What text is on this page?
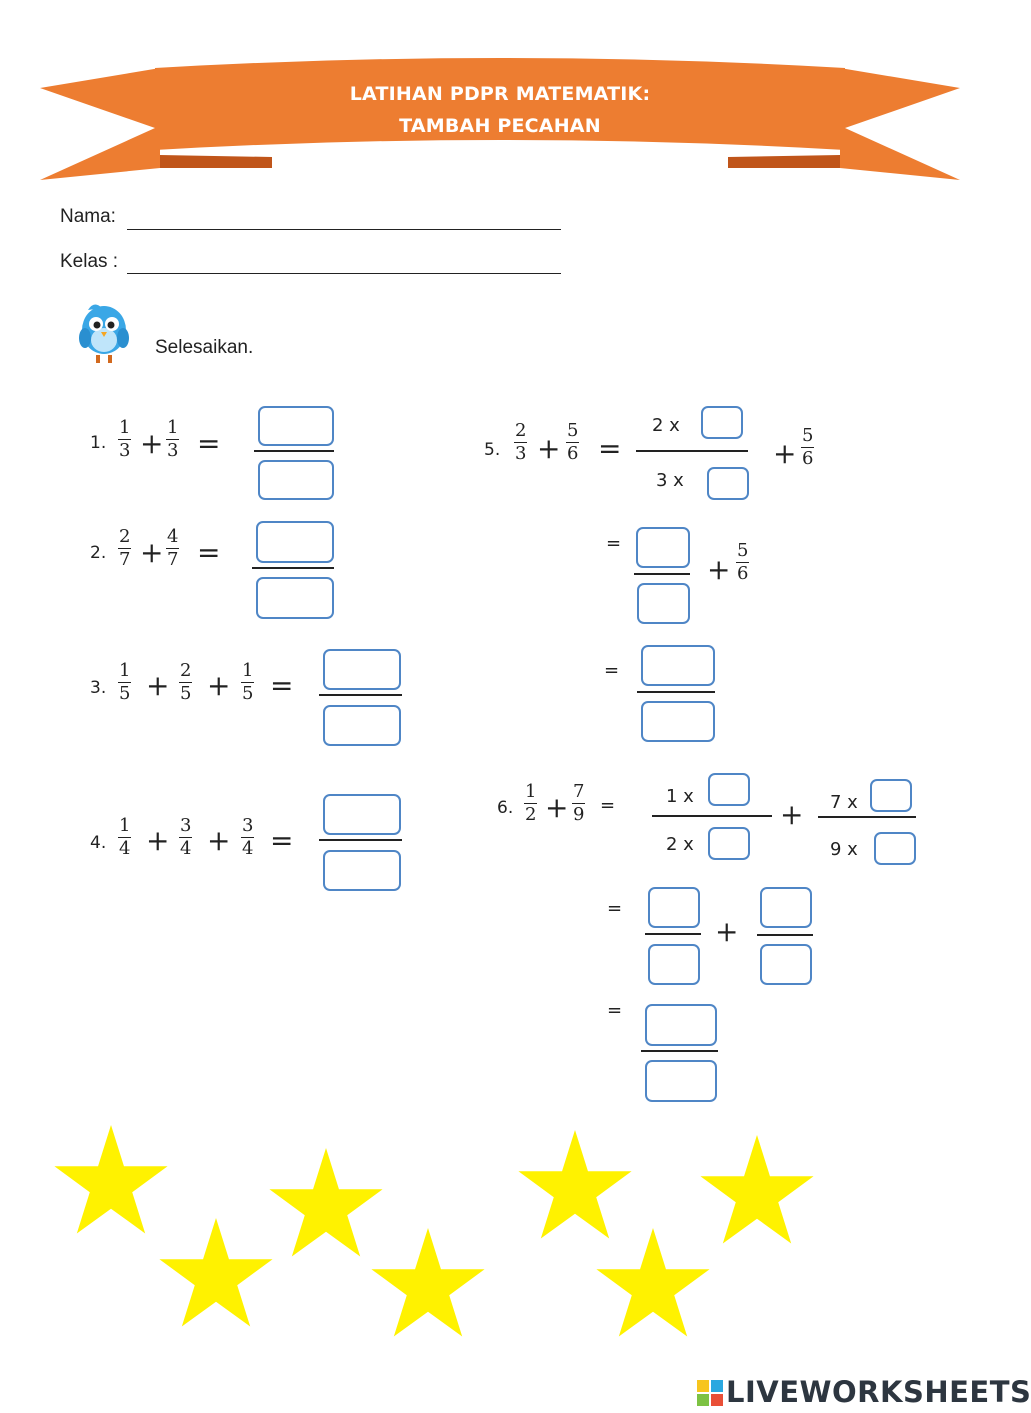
LATIHAN PDPR MATEMATIK:
TAMBAH PECAHAN
Nama:
Kelas :
Selesaikan.
1.
1
3 + 1
3 =
2.
2
7 + 4
7 =
3.
1
5 + 2
5 + 1
5 =
4.
1
4 + 3
4 + 3
4 =
5.
2
3 +
5
6 =
2 x
3 x
+
5
6
=
+
5
6
=
6.
1
2 + 7
9 =	1 x
2 x
+ 7 x
9 x
=
+
=
LIVEWORKSHEETS
